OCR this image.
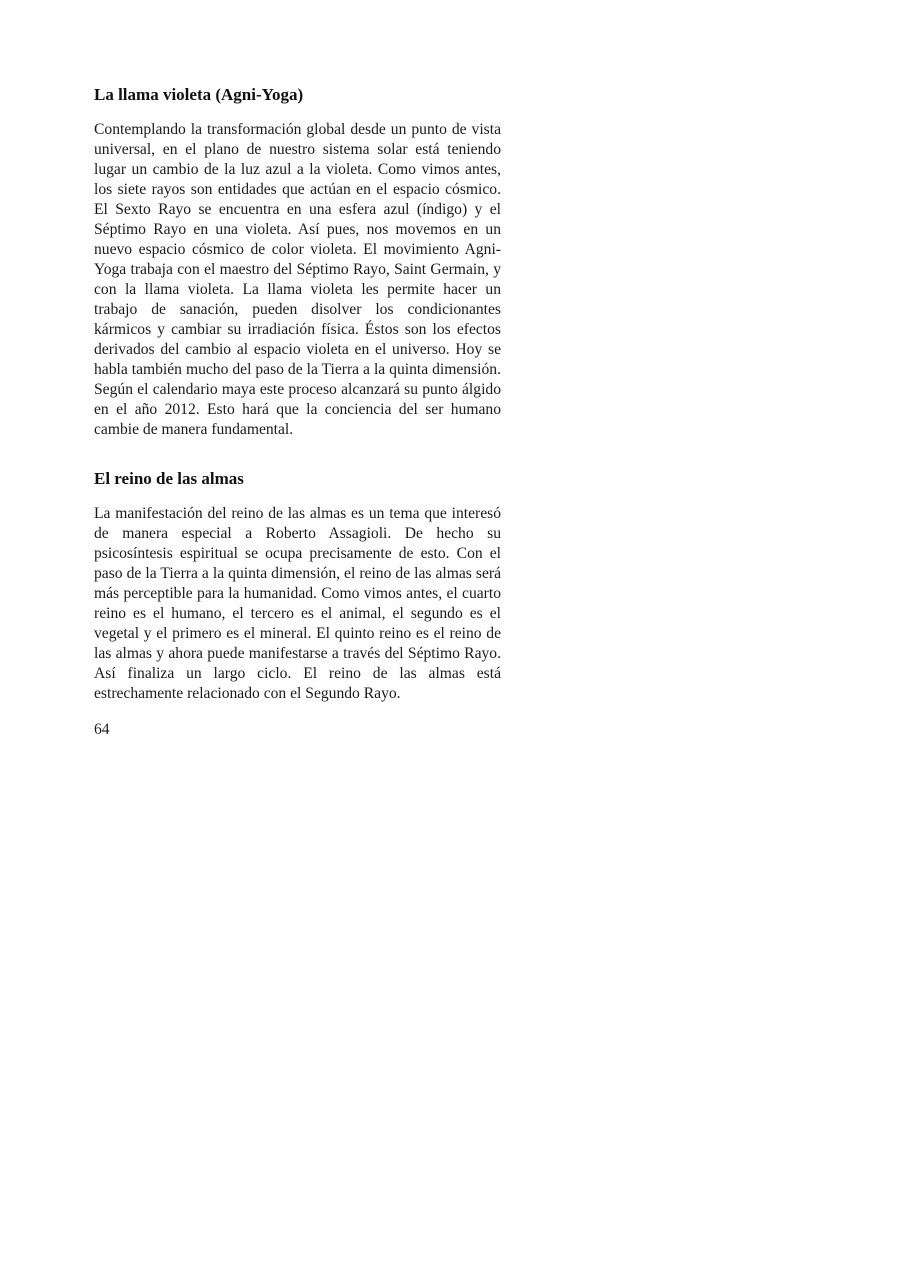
La llama violeta (Agni-Yoga)

Contemplando la transformación global desde un punto de vista universal, en el plano de nuestro sistema solar está teniendo lugar un cambio de la luz azul a la violeta. Como vimos antes, los siete rayos son entidades que actúan en el espacio cósmico. El Sexto Rayo se encuentra en una esfera azul (índigo) y el Séptimo Rayo en una violeta. Así pues, nos movemos en un nuevo espacio cósmico de color violeta. El movimiento Agni-Yoga trabaja con el maestro del Séptimo Rayo, Saint Germain, y con la llama violeta. La llama violeta les permite hacer un trabajo de sanación, pueden disolver los condicionantes kármicos y cambiar su irradiación física. Éstos son los efectos derivados del cambio al espacio violeta en el universo. Hoy se habla también mucho del paso de la Tierra a la quinta dimensión. Según el calendario maya este proceso alcanzará su punto álgido en el año 2012. Esto hará que la conciencia del ser humano cambie de manera fundamental.

El reino de las almas

La manifestación del reino de las almas es un tema que interesó de manera especial a Roberto Assagioli. De hecho su psicosíntesis espiritual se ocupa precisamente de esto. Con el paso de la Tierra a la quinta dimensión, el reino de las almas será más perceptible para la humanidad. Como vimos antes, el cuarto reino es el humano, el tercero es el animal, el segundo es el vegetal y el primero es el mineral. El quinto reino es el reino de las almas y ahora puede manifestarse a través del Séptimo Rayo. Así finaliza un largo ciclo. El reino de las almas está estrechamente relacionado con el Segundo Rayo.

64
